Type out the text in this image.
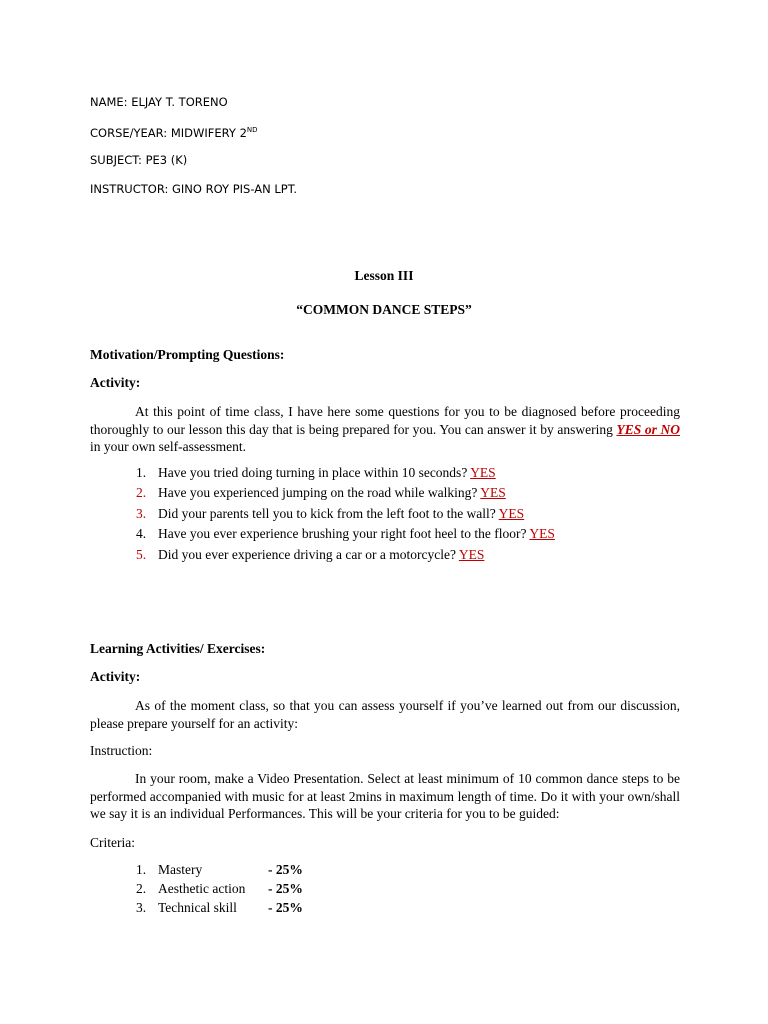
NAME: ELJAY T. TORENO
CORSE/YEAR: MIDWIFERY 2ND
SUBJECT: PE3 (K)
INSTRUCTOR: GINO ROY PIS-AN LPT.
Lesson III
“COMMON DANCE STEPS”
Motivation/Prompting Questions:
Activity:
At this point of time class, I have here some questions for you to be diagnosed before proceeding thoroughly to our lesson this day that is being prepared for you. You can answer it by answering YES or NO in your own self-assessment.
1. Have you tried doing turning in place within 10 seconds? YES
2. Have you experienced jumping on the road while walking? YES
3. Did your parents tell you to kick from the left foot to the wall? YES
4. Have you ever experience brushing your right foot heel to the floor? YES
5. Did you ever experience driving a car or a motorcycle? YES
Learning Activities/ Exercises:
Activity:
As of the moment class, so that you can assess yourself if you’ve learned out from our discussion, please prepare yourself for an activity:
Instruction:
In your room, make a Video Presentation. Select at least minimum of 10 common dance steps to be performed accompanied with music for at least 2mins in maximum length of time. Do it with your own/shall we say it is an individual Performances. This will be your criteria for you to be guided:
Criteria:
1. Mastery	- 25%
2. Aesthetic action - 25%
3. Technical skill - 25%
